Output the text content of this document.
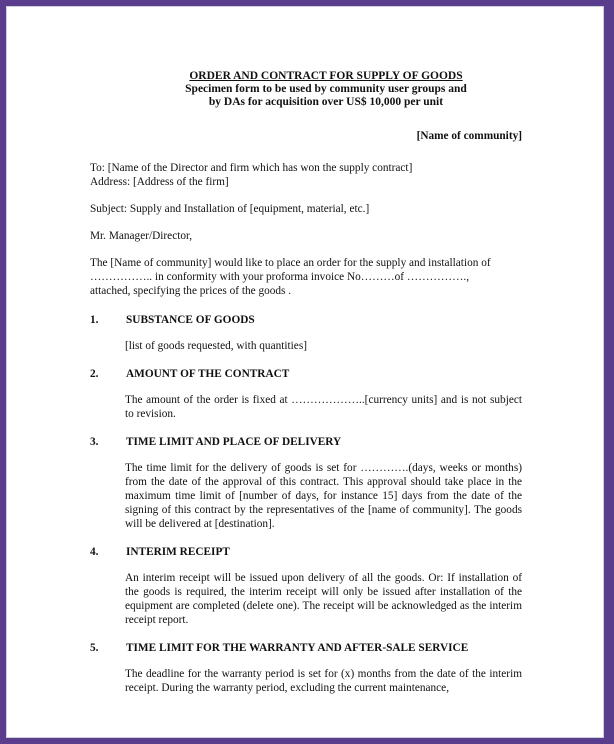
ORDER AND CONTRACT FOR SUPPLY OF GOODS
Specimen form to be used by community user groups and
by DAs for acquisition over US$ 10,000 per unit
[Name of community]

To: [Name of the Director and firm which has won the supply contract]

Address: [Address of the firm]

Subject: Supply and Installation of [equipment, material, etc.]

Mr. Manager/Director,

The [Name of community] would like to place an order for the supply and installation of

…………….. in conformity with your proforma invoice No………of …………….,

attached, specifying the prices of the goods .

1.	SUBSTANCE OF GOODS

[list of goods requested, with quantities]

2.	AMOUNT OF THE CONTRACT

The amount of the order is fixed at ………………..[currency units] and is not subject to revision.

3.	TIME LIMIT AND PLACE OF DELIVERY

The time limit for the delivery of goods is set for ………….(days, weeks or months) from the date of the approval of this contract. This approval should take place in the maximum time limit of [number of days, for instance 15] days from the date of the signing of this contract by the representatives of the [name of community]. The goods will be delivered at [destination].

4.	INTERIM RECEIPT

An interim receipt will be issued upon delivery of all the goods. Or: If installation of the goods is required, the interim receipt will only be issued after installation of the equipment are completed (delete one). The receipt will be acknowledged as the interim receipt report.

5.	TIME LIMIT FOR THE WARRANTY AND AFTER-SALE SERVICE

The deadline for the warranty period is set for (x) months from the date of the interim receipt. During the warranty period, excluding the current maintenance,
